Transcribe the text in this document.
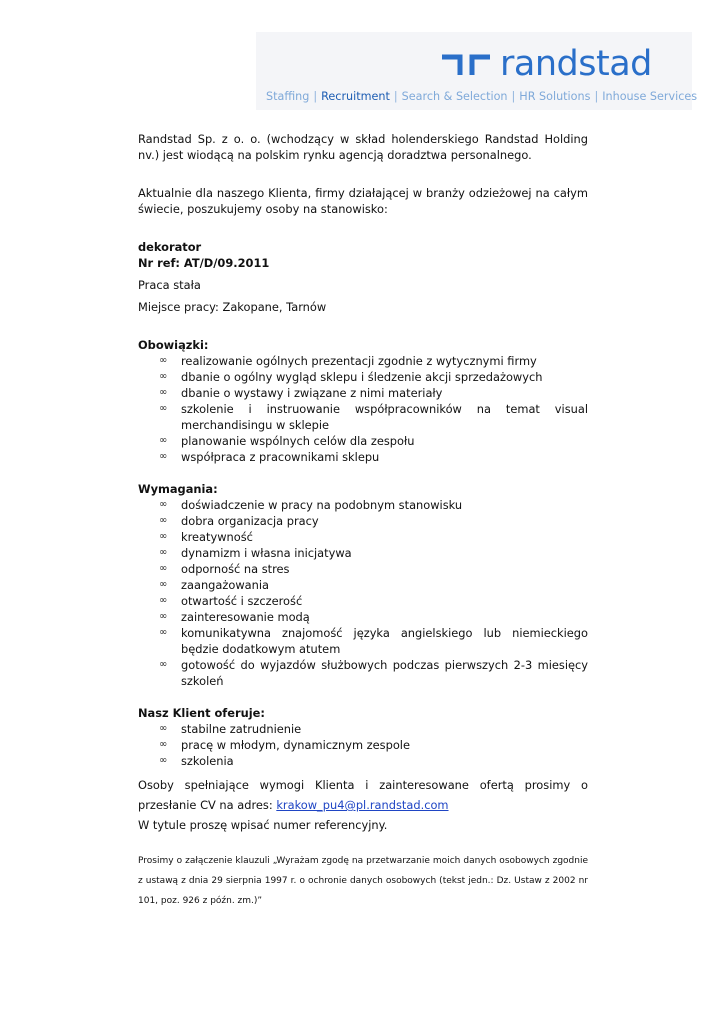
randstad
Staffing | Recruitment | Search & Selection | HR Solutions | Inhouse Services

Randstad Sp. z o. o. (wchodzący w skład holenderskiego Randstad Holding nv.) jest wiodącą na polskim rynku agencją doradztwa personalnego.

Aktualnie dla naszego Klienta, firmy działającej w branży odzieżowej na całym świecie, poszukujemy osoby na stanowisko:

dekorator

Nr ref: AT/D/09.2011

Praca stała

Miejsce pracy: Zakopane, Tarnów

Obowiązki:

∞ realizowanie ogólnych prezentacji zgodnie z wytycznymi firmy
∞ dbanie o ogólny wygląd sklepu i śledzenie akcji sprzedażowych
∞ dbanie o wystawy i związane z nimi materiały
∞ szkolenie i instruowanie współpracowników na temat visual merchandisingu w sklepie
∞ planowanie wspólnych celów dla zespołu
∞ współpraca z pracownikami sklepu

Wymagania:

∞ doświadczenie w pracy na podobnym stanowisku
∞ dobra organizacja pracy
∞ kreatywność
∞ dynamizm i własna inicjatywa
∞ odporność na stres
∞ zaangażowania
∞ otwartość i szczerość
∞ zainteresowanie modą
∞ komunikatywna znajomość języka angielskiego lub niemieckiego będzie dodatkowym atutem
∞ gotowość do wyjazdów służbowych podczas pierwszych 2-3 miesięcy szkoleń

Nasz Klient oferuje:

∞ stabilne zatrudnienie
∞ pracę w młodym, dynamicznym zespole
∞ szkolenia

Osoby spełniające wymogi Klienta i zainteresowane ofertą prosimy o przesłanie CV na adres: krakow_pu4@pl.randstad.com

W tytule proszę wpisać numer referencyjny.

Prosimy o załączenie klauzuli „Wyrażam zgodę na przetwarzanie moich danych osobowych zgodnie z ustawą z dnia 29 sierpnia 1997 r. o ochronie danych osobowych (tekst jedn.: Dz. Ustaw z 2002 nr 101, poz. 926 z późn. zm.)”
